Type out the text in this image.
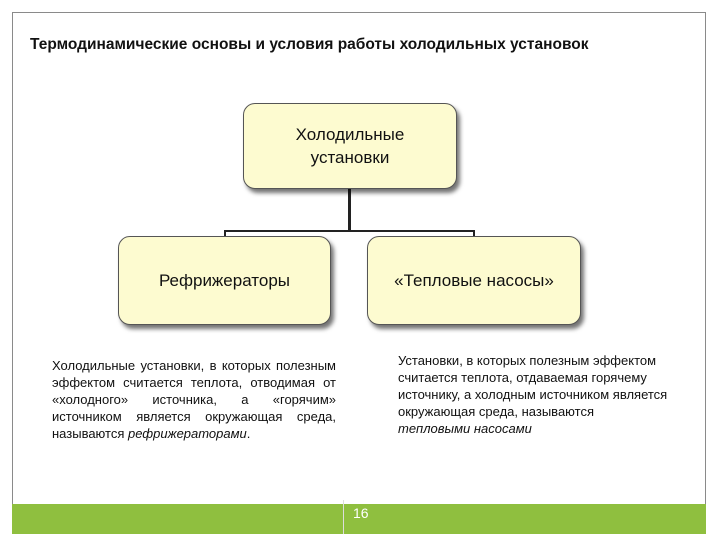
Термодинамические основы и условия работы холодильных установок
Холодильные
установки
Рефрижераторы	«Тепловые насосы»
Холодильные установки, в которых полезным эффектом считается теплота, отводимая от «холодного» источника, а «горячим» источником является окружающая среда, называются рефрижераторами.
Установки, в которых полезным эффектом считается теплота, отдаваемая горячему источнику, а холодным источником является окружающая среда, называются тепловыми насосами
16
